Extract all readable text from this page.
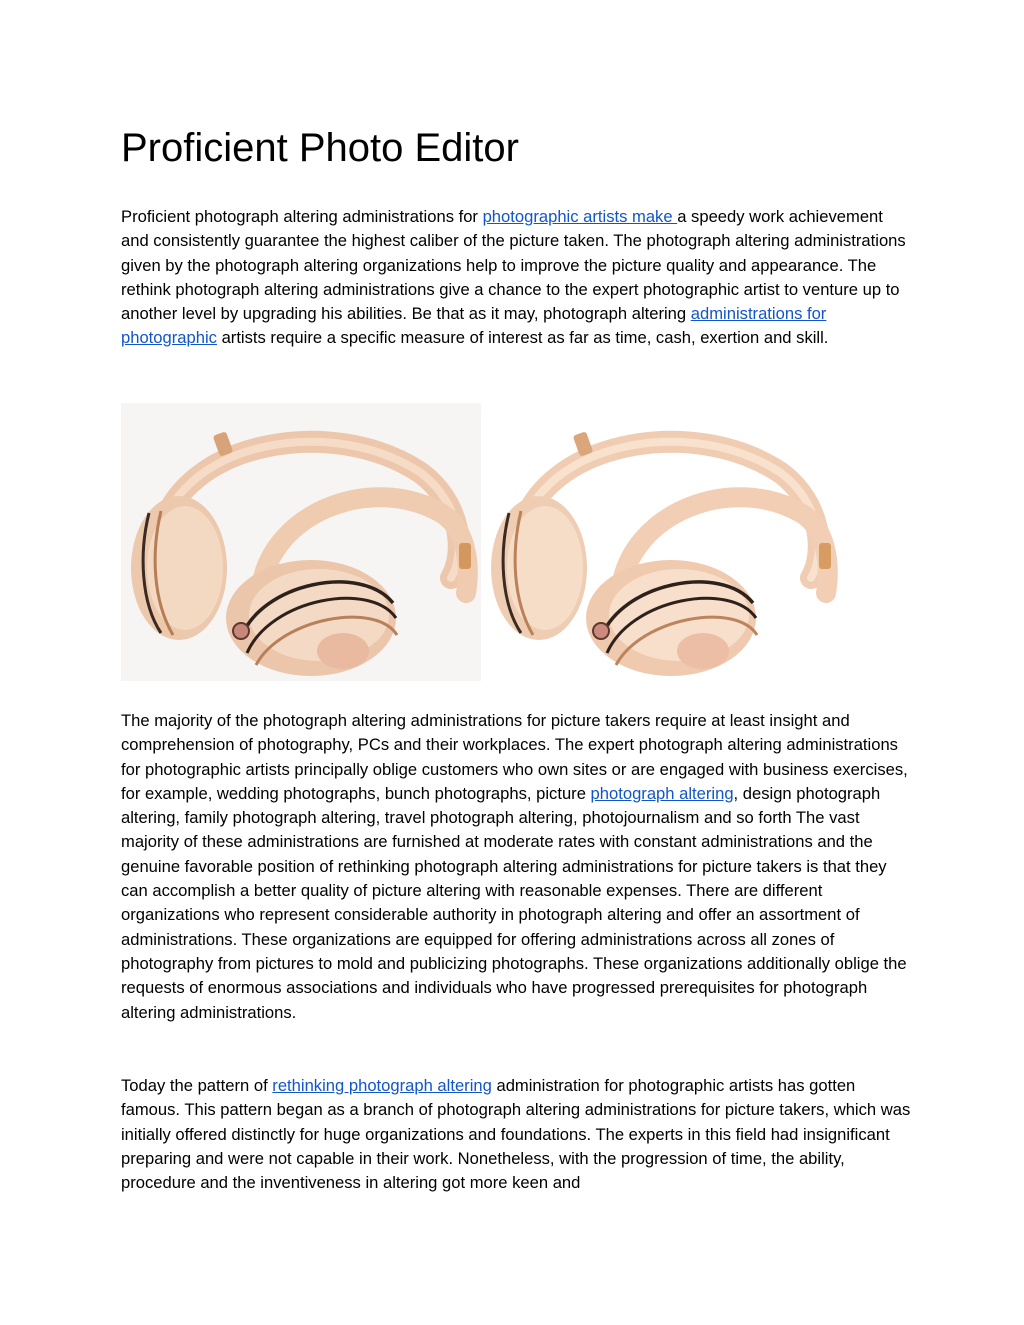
Proficient Photo Editor

Proficient photograph altering administrations for photographic artists make a speedy work achievement and consistently guarantee the highest caliber of the picture taken. The photograph altering administrations given by the photograph altering organizations help to improve the picture quality and appearance. The rethink photograph altering administrations give a chance to the expert photographic artist to venture up to another level by upgrading his abilities. Be that as it may, photograph altering administrations for photographic artists require a specific measure of interest as far as time, cash, exertion and skill.

The majority of the photograph altering administrations for picture takers require at least insight and comprehension of photography, PCs and their workplaces. The expert photograph altering administrations for photographic artists principally oblige customers who own sites or are engaged with business exercises, for example, wedding photographs, bunch photographs, picture photograph altering, design photograph altering, family photograph altering, travel photograph altering, photojournalism and so forth The vast majority of these administrations are furnished at moderate rates with constant administrations and the genuine favorable position of rethinking photograph altering administrations for picture takers is that they can accomplish a better quality of picture altering with reasonable expenses. There are different organizations who represent considerable authority in photograph altering and offer an assortment of administrations. These organizations are equipped for offering administrations across all zones of photography from pictures to mold and publicizing photographs. These organizations additionally oblige the requests of enormous associations and individuals who have progressed prerequisites for photograph altering administrations.

Today the pattern of rethinking photograph altering administration for photographic artists has gotten famous. This pattern began as a branch of photograph altering administrations for picture takers, which was initially offered distinctly for huge organizations and foundations. The experts in this field had insignificant preparing and were not capable in their work. Nonetheless, with the progression of time, the ability, procedure and the inventiveness in altering got more keen and
